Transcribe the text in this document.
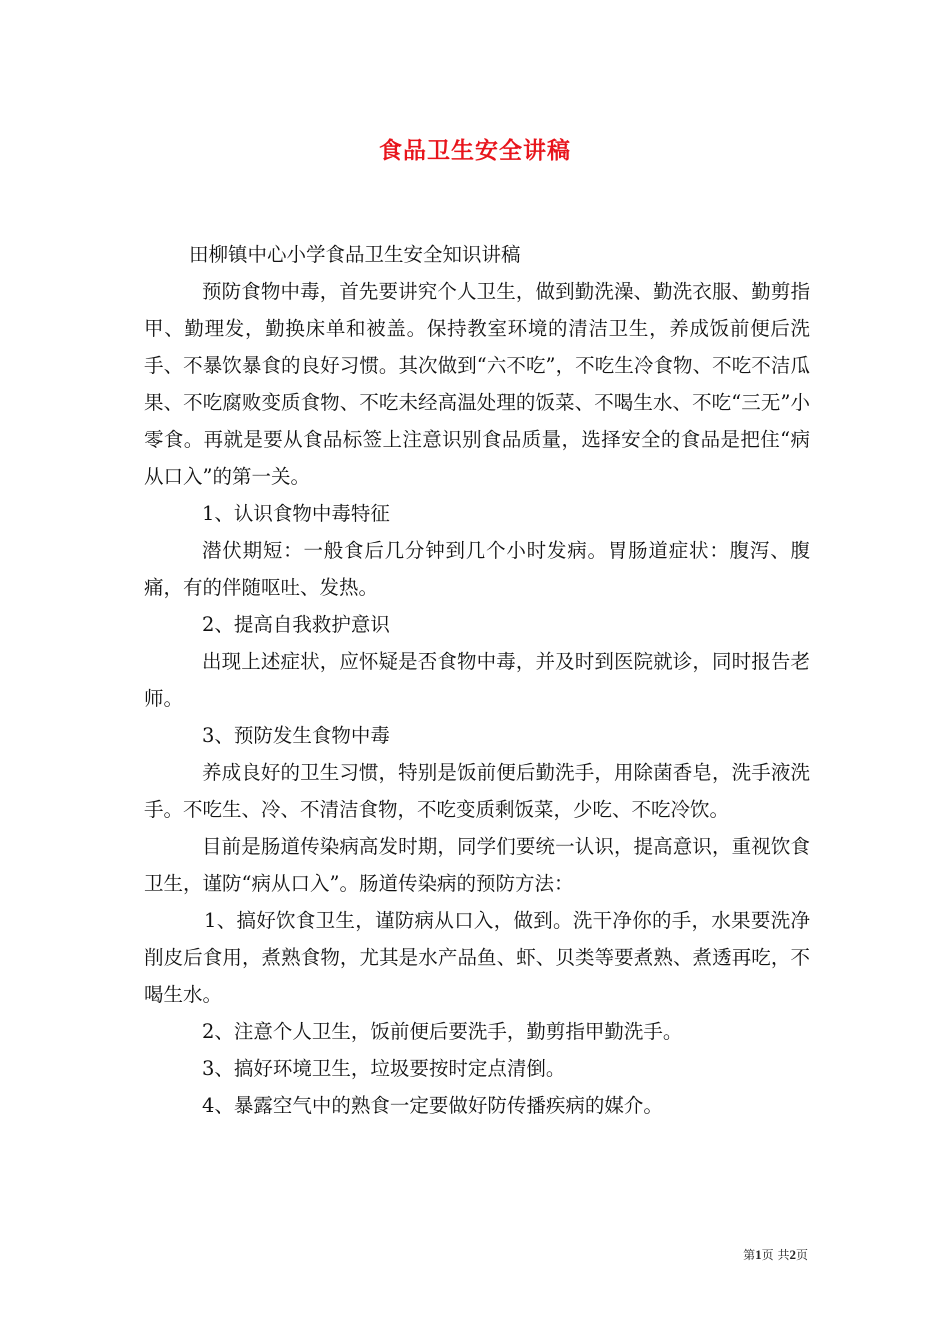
食品卫生安全讲稿

田柳镇中心小学食品卫生安全知识讲稿

预防食物中毒，首先要讲究个人卫生，做到勤洗澡、勤洗衣服、勤剪指甲、勤理发，勤换床单和被盖。保持教室环境的清洁卫生，养成饭前便后洗手、不暴饮暴食的良好习惯。其次做到“六不吃”，不吃生冷食物、不吃不洁瓜果、不吃腐败变质食物、不吃未经高温处理的饭菜、不喝生水、不吃“三无”小零食。再就是要从食品标签上注意识别食品质量，选择安全的食品是把住“病从口入”的第一关。

1、认识食物中毒特征

潜伏期短：一般食后几分钟到几个小时发病。胃肠道症状：腹泻、腹痛，有的伴随呕吐、发热。

2、提高自我救护意识

出现上述症状，应怀疑是否食物中毒，并及时到医院就诊，同时报告老师。

3、预防发生食物中毒

养成良好的卫生习惯，特别是饭前便后勤洗手，用除菌香皂，洗手液洗手。不吃生、冷、不清洁食物，不吃变质剩饭菜，少吃、不吃冷饮。

目前是肠道传染病高发时期，同学们要统一认识，提高意识，重视饮食卫生，谨防“病从口入”。肠道传染病的预防方法：

1、搞好饮食卫生，谨防病从口入，做到。洗干净你的手，水果要洗净削皮后食用，煮熟食物，尤其是水产品鱼、虾、贝类等要煮熟、煮透再吃，不喝生水。

2、注意个人卫生，饭前便后要洗手，勤剪指甲勤洗手。

3、搞好环境卫生，垃圾要按时定点清倒。

4、暴露空气中的熟食一定要做好防传播疾病的媒介。

第1页 共2页
